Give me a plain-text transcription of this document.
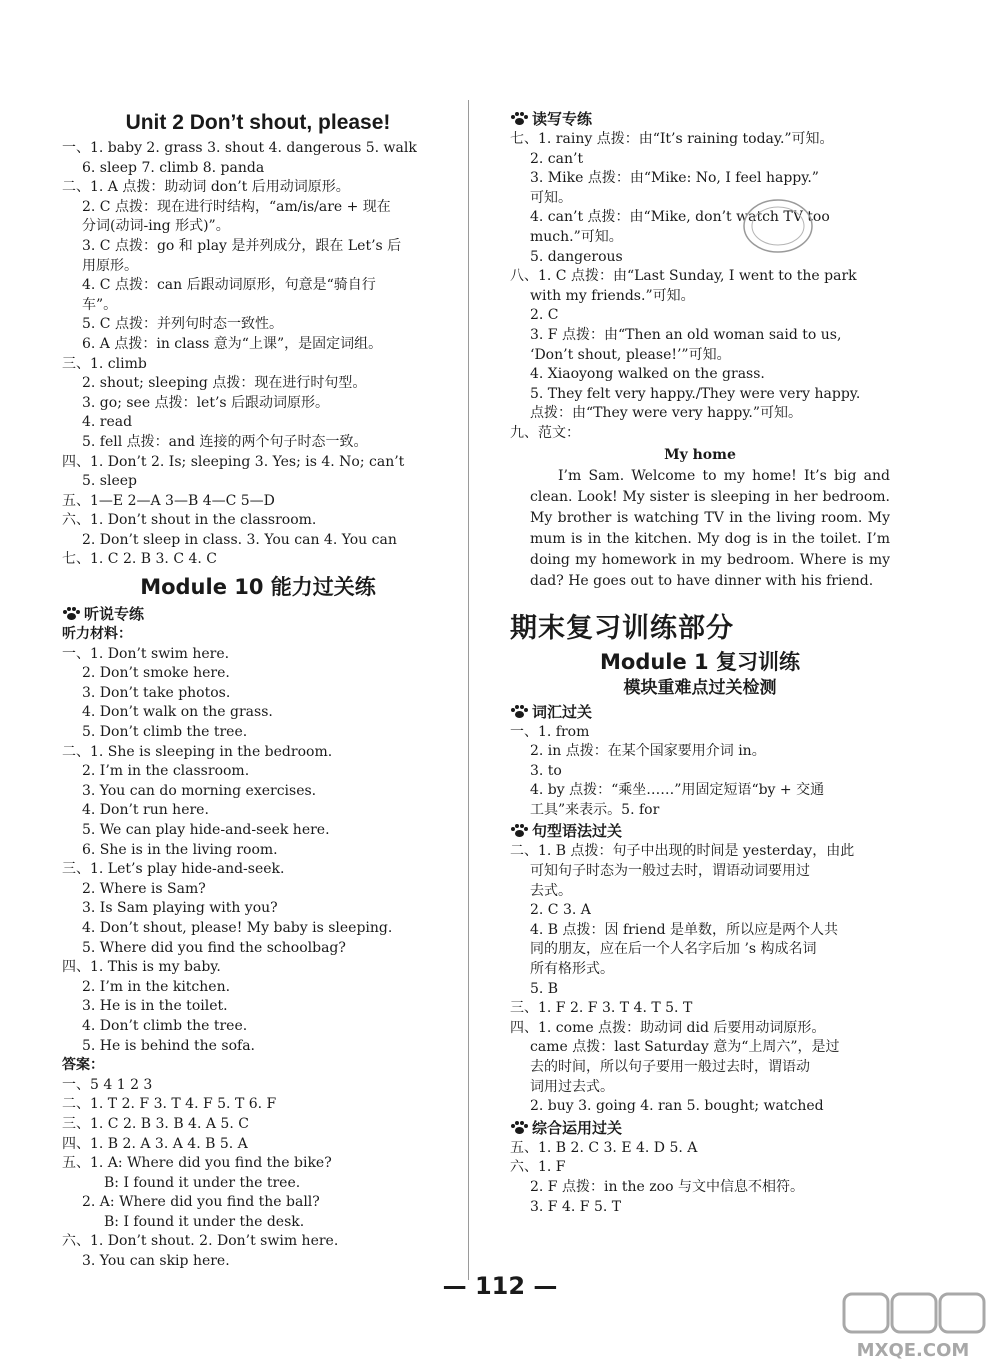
Unit 2 Don’t shout, please!
一、1. baby 2. grass 3. shout 4. dangerous 5. walk
6. sleep 7. climb 8. panda
二、1. A 点拨：助动词 don’t 后用动词原形。
2. C 点拨：现在进行时结构，“am/is/are + 现在
分词(动词-ing 形式)”。
3. C 点拨：go 和 play 是并列成分，跟在 Let’s 后
用原形。
4. C 点拨：can 后跟动词原形，句意是“骑自行
车”。
5. C 点拨：并列句时态一致性。
6. A 点拨：in class 意为“上课”，是固定词组。
三、1. climb
2. shout; sleeping 点拨：现在进行时句型。
3. go; see 点拨：let’s 后跟动词原形。
4. read
5. fell 点拨：and 连接的两个句子时态一致。
四、1. Don’t 2. Is; sleeping 3. Yes; is 4. No; can’t
5. sleep
五、1—E 2—A 3—B 4—C 5—D
六、1. Don’t shout in the classroom.
2. Don’t sleep in class. 3. You can 4. You can
七、1. C 2. B 3. C 4. C
Module 10 能力过关练
听说专练
听力材料：
一、1. Don’t swim here.
2. Don’t smoke here.
3. Don’t take photos.
4. Don’t walk on the grass.
5. Don’t climb the tree.
二、1. She is sleeping in the bedroom.
2. I’m in the classroom.
3. You can do morning exercises.
4. Don’t run here.
5. We can play hide-and-seek here.
6. She is in the living room.
三、1. Let’s play hide-and-seek.
2. Where is Sam?
3. Is Sam playing with you?
4. Don’t shout, please! My baby is sleeping.
5. Where did you find the schoolbag?
四、1. This is my baby.
2. I’m in the kitchen.
3. He is in the toilet.
4. Don’t climb the tree.
5. He is behind the sofa.
答案：
一、5 4 1 2 3
二、1. T 2. F 3. T 4. F 5. T 6. F
三、1. C 2. B 3. B 4. A 5. C
四、1. B 2. A 3. A 4. B 5. A
五、1. A: Where did you find the bike?
B: I found it under the tree.
2. A: Where did you find the ball?
B: I found it under the desk.
六、1. Don’t shout. 2. Don’t swim here.
3. You can skip here.
读写专练
七、1. rainy 点拨：由“It’s raining today.”可知。
2. can’t
3. Mike 点拨：由“Mike: No, I feel happy.”
可知。
4. can’t 点拨：由“Mike, don’t watch TV too
much.”可知。
5. dangerous
八、1. C 点拨：由“Last Sunday, I went to the park
with my friends.”可知。
2. C
3. F 点拨：由“Then an old woman said to us,
‘Don’t shout, please!’”可知。
4. Xiaoyong walked on the grass.
5. They felt very happy./They were very happy.
点拨：由“They were very happy.”可知。
九、范文：
My home
I’m Sam. Welcome to my home! It’s big and clean. Look! My sister is sleeping in her bedroom. My brother is watching TV in the living room. My mum is in the kitchen. My dog is in the toilet. I’m doing my homework in my bedroom. Where is my dad? He goes out to have dinner with his friend.
期末复习训练部分
Module 1 复习训练
模块重难点过关检测
词汇过关
一、1. from
2. in 点拨：在某个国家要用介词 in。
3. to
4. by 点拨：“乘坐……”用固定短语“by + 交通
工具”来表示。5. for
句型语法过关
二、1. B 点拨：句子中出现的时间是 yesterday，由此
可知句子时态为一般过去时，谓语动词要用过
去式。
2. C 3. A
4. B 点拨：因 friend 是单数，所以应是两个人共
同的朋友，应在后一个人名字后加 ’s 构成名词
所有格形式。
5. B
三、1. F 2. F 3. T 4. T 5. T
四、1. come 点拨：助动词 did 后要用动词原形。
came 点拨：last Saturday 意为“上周六”，是过
去的时间，所以句子要用一般过去时，谓语动
词用过去式。
2. buy 3. going 4. ran 5. bought; watched
综合运用过关
五、1. B 2. C 3. E 4. D 5. A
六、1. F
2. F 点拨：in the zoo 与文中信息不相符。
3. F 4. F 5. T
— 112 —
MXQE.COM
